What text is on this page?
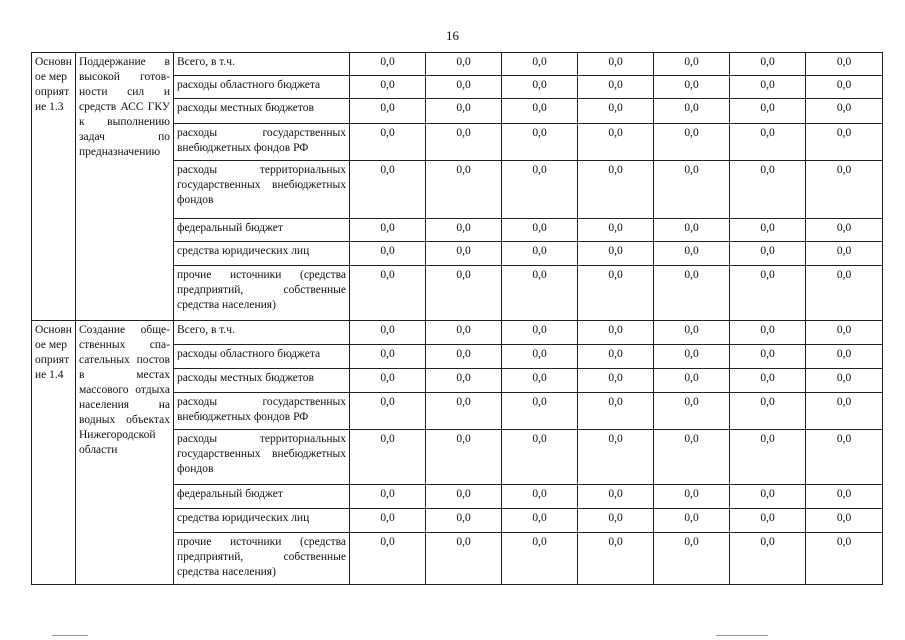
16
Основное мероприятие 1.3	Поддержание в высокой готовности сил и средств АСС ГКУ к выполнению задач по предназначению	Всего, в т.ч.	0,0	0,0	0,0	0,0	0,0	0,0	0,0
		расходы областного бюджета	0,0	0,0	0,0	0,0	0,0	0,0	0,0
		расходы местных бюджетов	0,0	0,0	0,0	0,0	0,0	0,0	0,0
		расходы государственных внебюджетных фондов РФ	0,0	0,0	0,0	0,0	0,0	0,0	0,0
		расходы территориальных государственных внебюджетных фондов	0,0	0,0	0,0	0,0	0,0	0,0	0,0
		федеральный бюджет	0,0	0,0	0,0	0,0	0,0	0,0	0,0
		средства юридических лиц	0,0	0,0	0,0	0,0	0,0	0,0	0,0
		прочие источники (средства предприятий, собственные средства населения)	0,0	0,0	0,0	0,0	0,0	0,0	0,0
Основное мероприятие 1.4	Создание общественных спасательных постов в местах массового отдыха населения на водных объектах Нижегородской области	Всего, в т.ч.	0,0	0,0	0,0	0,0	0,0	0,0	0,0
		расходы областного бюджета	0,0	0,0	0,0	0,0	0,0	0,0	0,0
		расходы местных бюджетов	0,0	0,0	0,0	0,0	0,0	0,0	0,0
		расходы государственных внебюджетных фондов РФ	0,0	0,0	0,0	0,0	0,0	0,0	0,0
		расходы территориальных государственных внебюджетных фондов	0,0	0,0	0,0	0,0	0,0	0,0	0,0
		федеральный бюджет	0,0	0,0	0,0	0,0	0,0	0,0	0,0
		средства юридических лиц	0,0	0,0	0,0	0,0	0,0	0,0	0,0
		прочие источники (средства предприятий, собственные средства населения)	0,0	0,0	0,0	0,0	0,0	0,0	0,0
